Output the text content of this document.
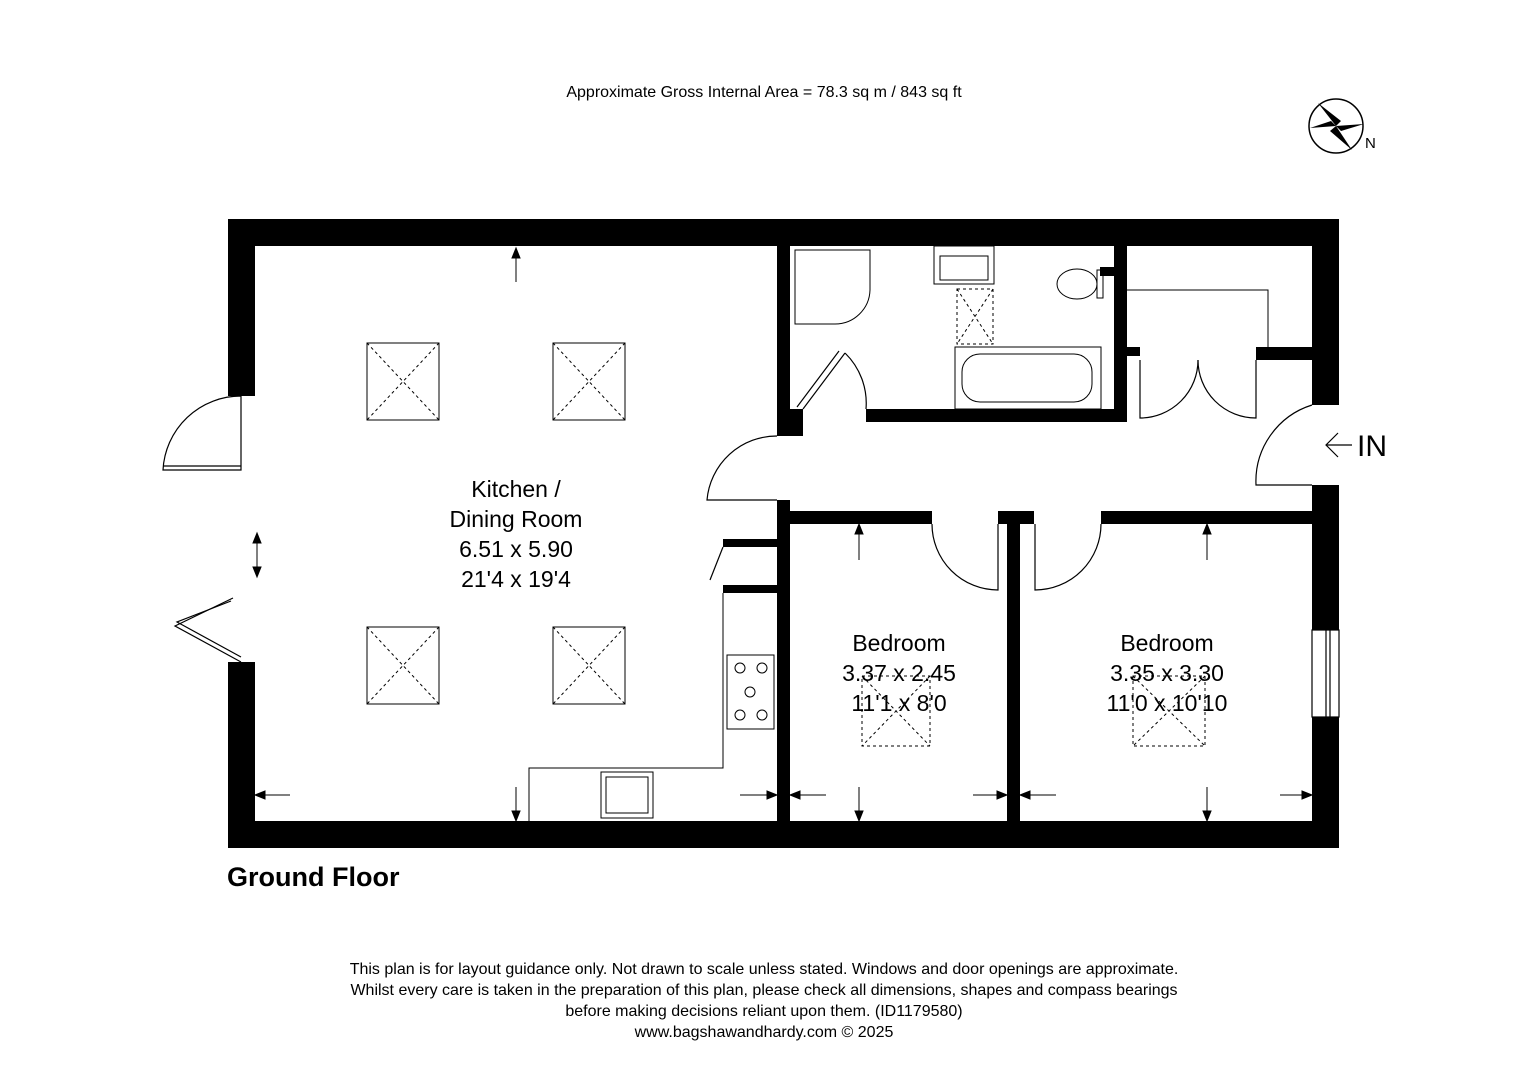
Approximate Gross Internal Area = 78.3 sq m / 843 sq ft
N
IN
Kitchen /
Dining Room
6.51 x 5.90
21'4 x 19'4
Bedroom
3.37 x 2.45
11'1 x 8'0
Bedroom
3.35 x 3.30
11'0 x 10'10
Ground Floor
This plan is for layout guidance only. Not drawn to scale unless stated. Windows and door openings are approximate.
Whilst every care is taken in the preparation of this plan, please check all dimensions, shapes and compass bearings
before making decisions reliant upon them. (ID1179580)
www.bagshawandhardy.com © 2025
